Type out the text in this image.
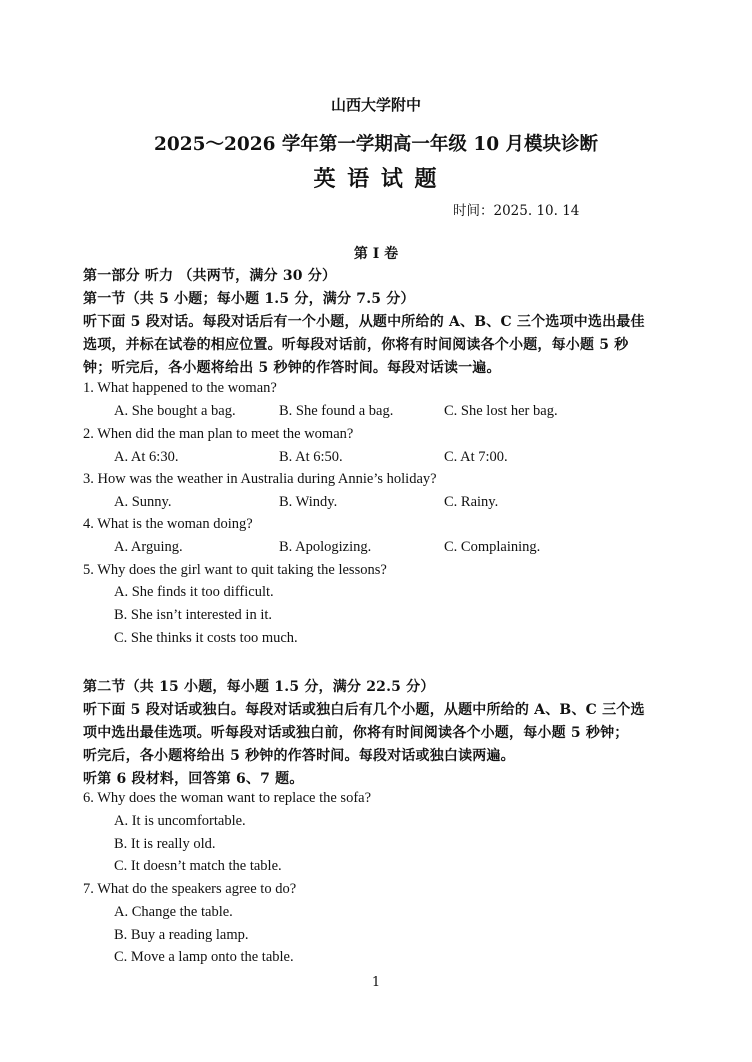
山西大学附中
2025～2026 学年第一学期高一年级 10 月模块诊断
英 语 试 题
时间：2025. 10. 14
第 I 卷
第一部分 听力 （共两节，满分 30 分）
第一节（共 5 小题；每小题 1.5 分，满分 7.5 分）
听下面 5 段对话。每段对话后有一个小题，从题中所给的 A、B、C 三个选项中选出最佳
选项，并标在试卷的相应位置。听每段对话前，你将有时间阅读各个小题，每小题 5 秒
钟；听完后，各小题将给出 5 秒钟的作答时间。每段对话读一遍。
1. What happened to the woman?
A. She bought a bag.	B. She found a bag.	C. She lost her bag.
2. When did the man plan to meet the woman?
A. At 6:30.	B. At 6:50.	C. At 7:00.
3. How was the weather in Australia during Annie’s holiday?
A. Sunny.	B. Windy.	C. Rainy.
4. What is the woman doing?
A. Arguing.	B. Apologizing.	C. Complaining.
5. Why does the girl want to quit taking the lessons?
A. She finds it too difficult.
B. She isn’t interested in it.
C. She thinks it costs too much.
第二节（共 15 小题，每小题 1.5 分，满分 22.5 分）
听下面 5 段对话或独白。每段对话或独白后有几个小题，从题中所给的 A、B、C 三个选
项中选出最佳选项。听每段对话或独白前，你将有时间阅读各个小题，每小题 5 秒钟；
听完后，各小题将给出 5 秒钟的作答时间。每段对话或独白读两遍。
听第 6 段材料，回答第 6、7 题。
6. Why does the woman want to replace the sofa?
A. It is uncomfortable.
B. It is really old.
C. It doesn’t match the table.
7. What do the speakers agree to do?
A. Change the table.
B. Buy a reading lamp.
C. Move a lamp onto the table.
1
